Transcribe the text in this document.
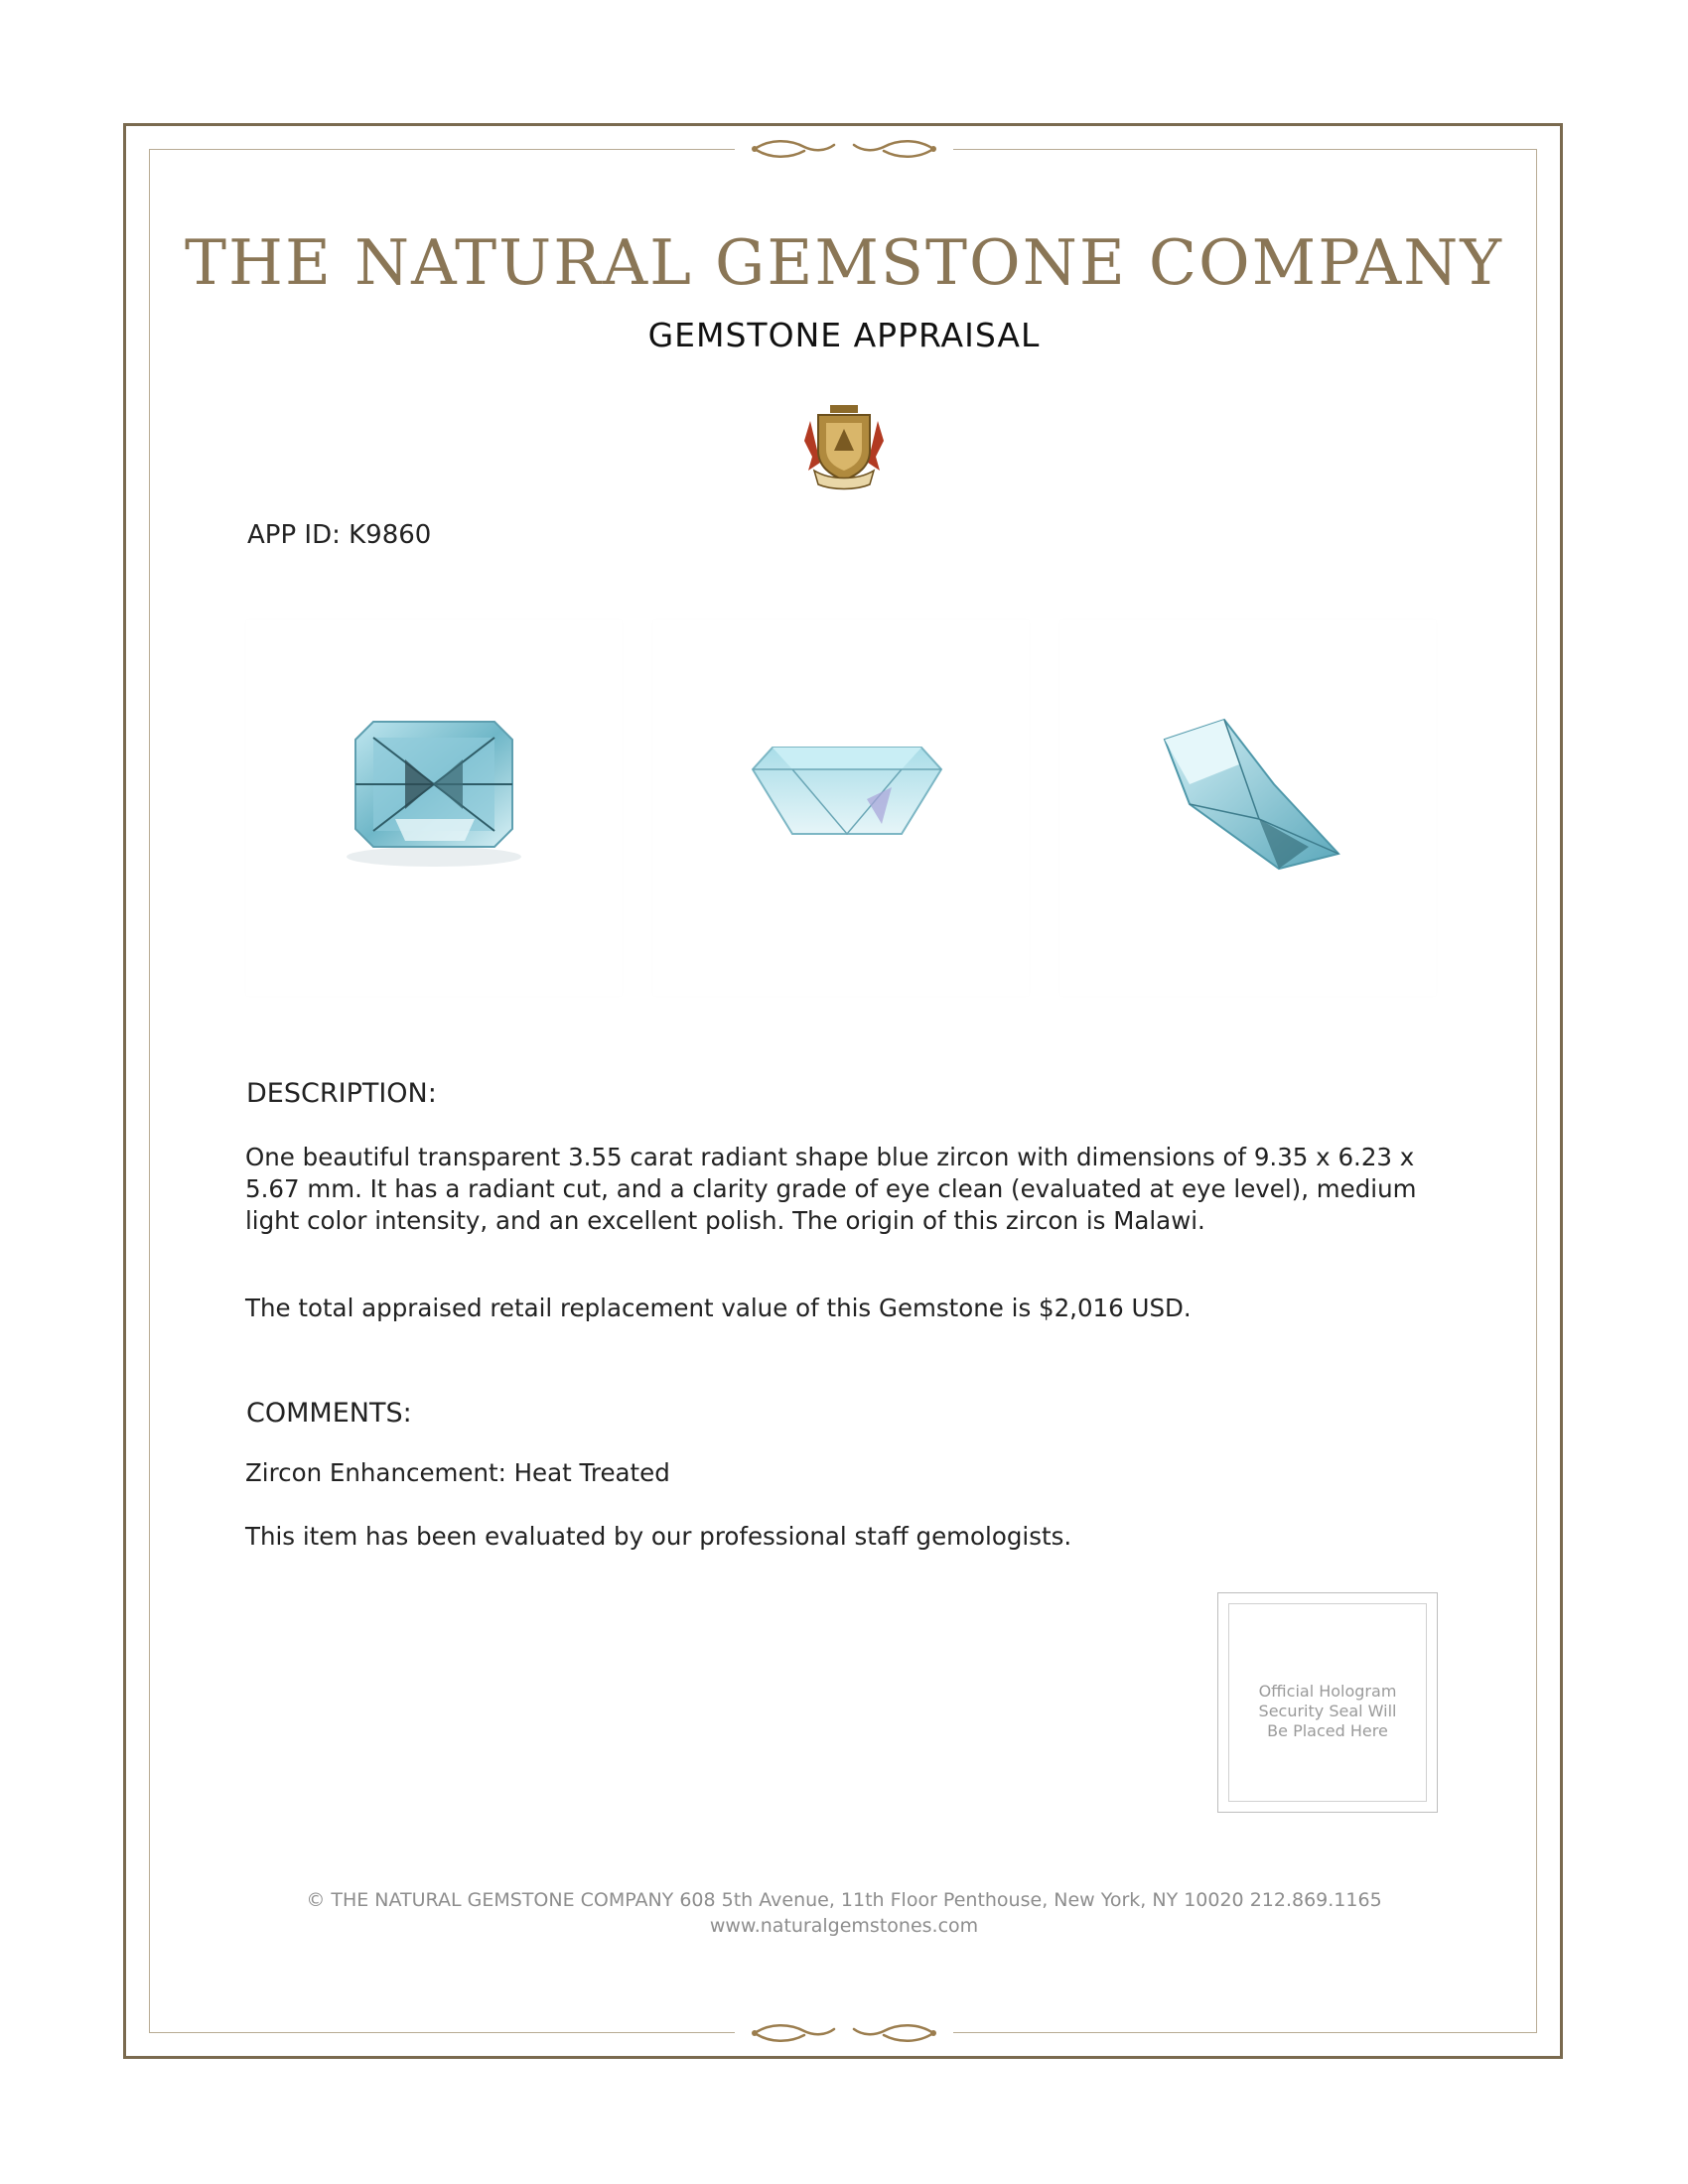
THE NATURAL GEMSTONE COMPANY
GEMSTONE APPRAISAL
APP ID: K9860
DESCRIPTION:
One beautiful transparent 3.55 carat radiant shape blue zircon with dimensions of 9.35 x 6.23 x 5.67 mm. It has a radiant cut, and a clarity grade of eye clean (evaluated at eye level), medium light color intensity, and an excellent polish. The origin of this zircon is Malawi.
The total appraised retail replacement value of this Gemstone is $2,016 USD.
COMMENTS:
Zircon Enhancement: Heat Treated
This item has been evaluated by our professional staff gemologists.
Official Hologram
Security Seal Will
Be Placed Here
© THE NATURAL GEMSTONE COMPANY 608 5th Avenue, 11th Floor Penthouse, New York, NY 10020 212.869.1165
www.naturalgemstones.com
